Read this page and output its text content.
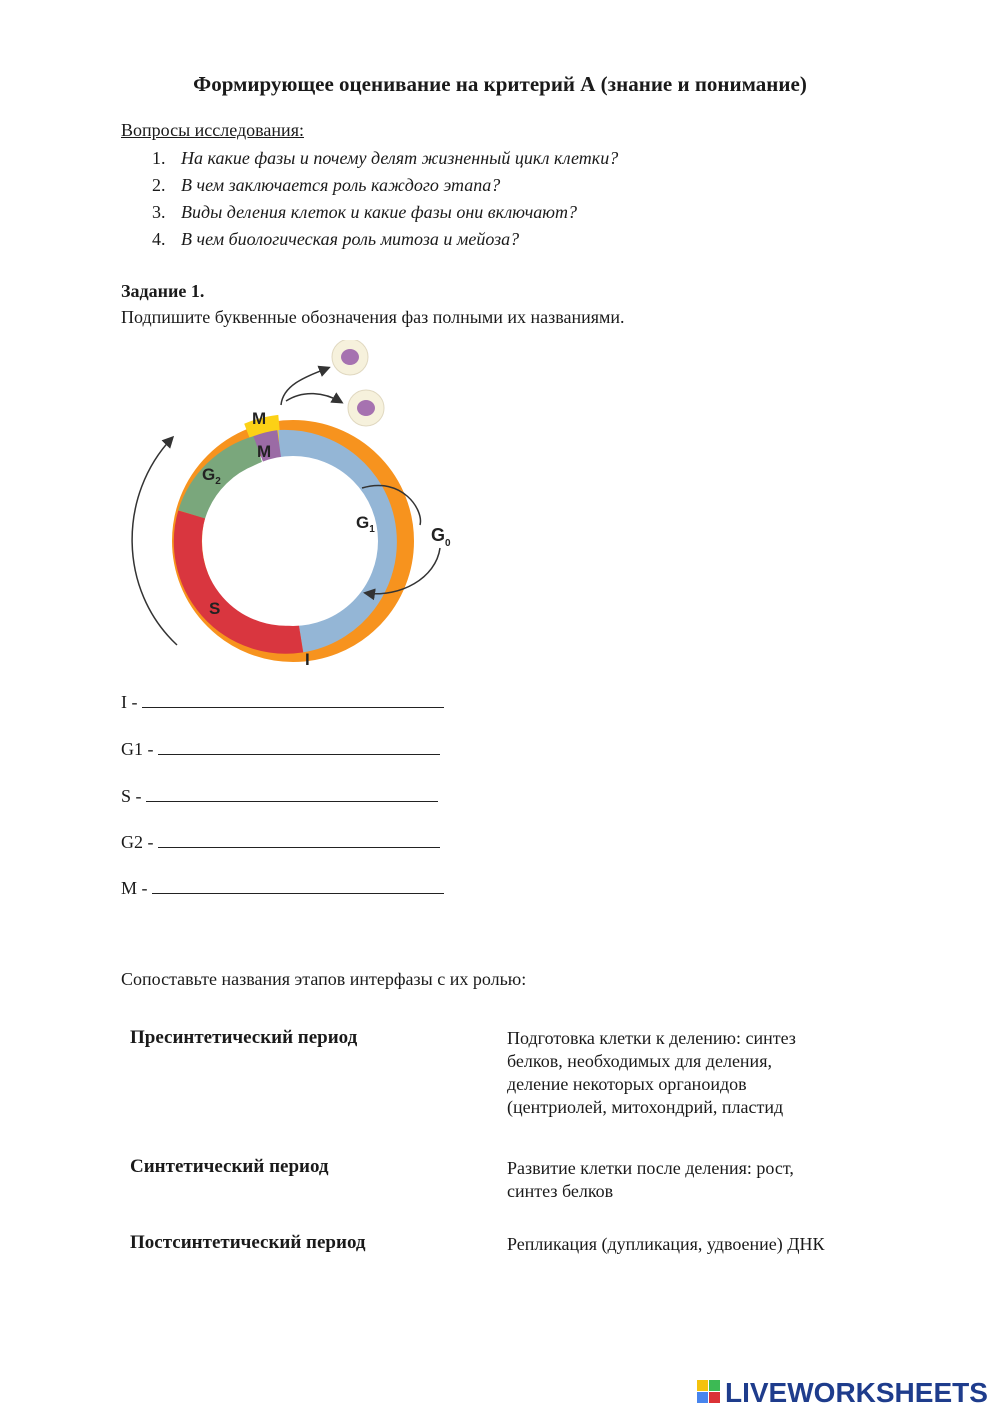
Формирующее оценивание на критерий А (знание и понимание)
Вопросы исследования:
1. На какие фазы и почему делят жизненный цикл клетки?
2. В чем заключается роль каждого этапа?
3. Виды деления клеток и какие фазы они включают?
4. В чем биологическая роль митоза и мейоза?
Задание 1.
Подпишите буквенные обозначения фаз полными их названиями.
M
M
$G_2$
$G_1$	$G_0$
S
I
I -
G1 -
S -
G2 -
M -
Сопоставьте названия этапов интерфазы с их ролью:
Пресинтетический период
Синтетический период
Постсинтетический период
Подготовка клетки к делению: синтез
белков, необходимых для деления,
деление некоторых органоидов
(центриолей, митохондрий, пластид
Развитие клетки после деления: рост,
синтез белков
Репликация (дупликация, удвоение) ДНК
LIVEWORKSHEETS
